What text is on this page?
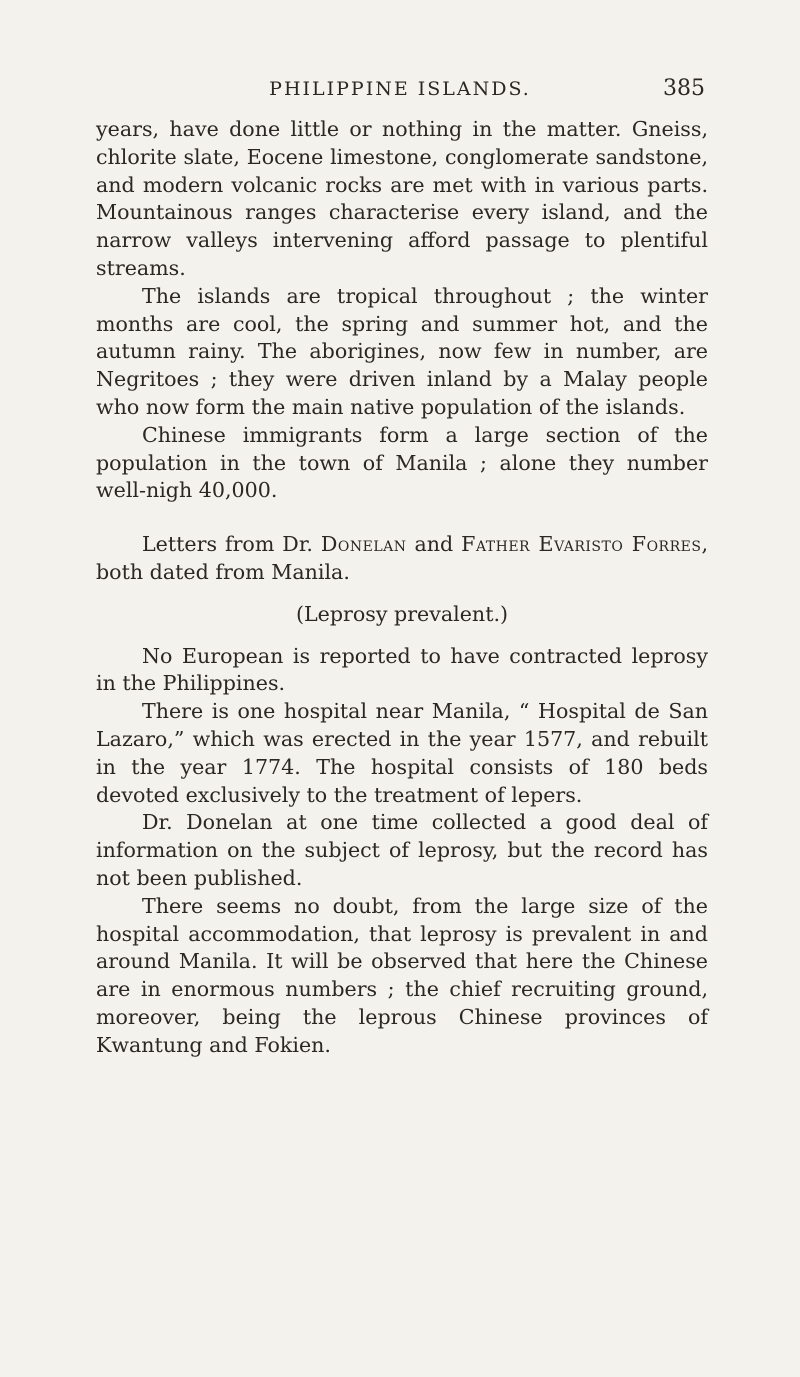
PHILIPPINE ISLANDS.	385

years, have done little or nothing in the matter. Gneiss, chlorite slate, Eocene limestone, conglomerate sandstone, and modern volcanic rocks are met with in various parts. Mountainous ranges characterise every island, and the narrow valleys intervening afford passage to plentiful streams.

The islands are tropical throughout ; the winter months are cool, the spring and summer hot, and the autumn rainy. The aborigines, now few in number, are Negritoes ; they were driven inland by a Malay people who now form the main native population of the islands.

Chinese immigrants form a large section of the population in the town of Manila ; alone they number well-nigh 40,000.

Letters from Dr. Donelan and Father Evaristo Forres, both dated from Manila.

(Leprosy prevalent.)

No European is reported to have contracted leprosy in the Philippines.

There is one hospital near Manila, “ Hospital de San Lazaro,” which was erected in the year 1577, and rebuilt in the year 1774. The hospital consists of 180 beds devoted exclusively to the treatment of lepers.

Dr. Donelan at one time collected a good deal of information on the subject of leprosy, but the record has not been published.

There seems no doubt, from the large size of the hospital accommodation, that leprosy is prevalent in and around Manila. It will be observed that here the Chinese are in enormous numbers ; the chief recruiting ground, moreover, being the leprous Chinese provinces of Kwantung and Fokien.
